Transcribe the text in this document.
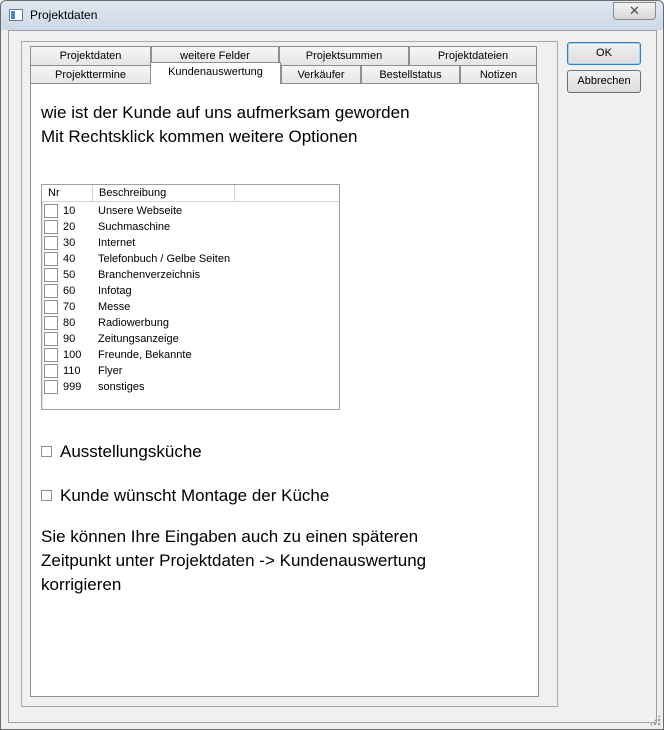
Projektdaten	✕
Projektdaten	weitere Felder	Projektsummen	Projektdateien
Projekttermine	Kundenauswertung	Verkäufer	Bestellstatus	Notizen
wie ist der Kunde auf uns aufmerksam geworden
Mit Rechtsklick kommen weitere Optionen
Nr	Beschreibung
10 Unsere Webseite
20 Suchmaschine
30 Internet
40 Telefonbuch / Gelbe Seiten
50 Branchenverzeichnis
60 Infotag
70 Messe
80 Radiowerbung
90 Zeitungsanzeige
100 Freunde, Bekannte
110 Flyer
999 sonstiges
Ausstellungsküche
Kunde wünscht Montage der Küche
Sie können Ihre Eingaben auch zu einen späteren
Zeitpunkt unter Projektdaten -> Kundenauswertung
korrigieren
OK
Abbrechen
